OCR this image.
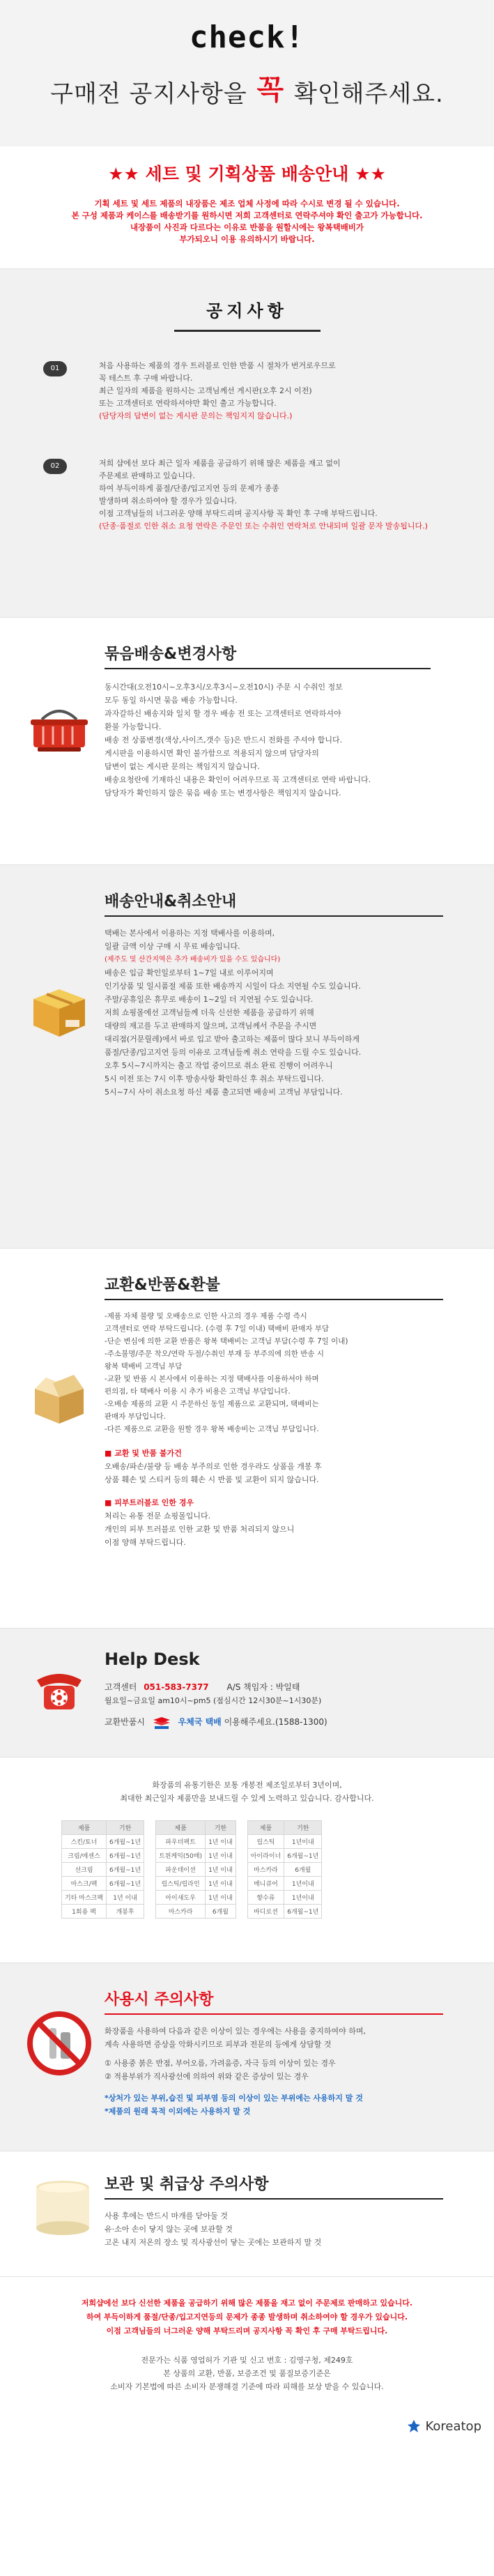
check!
구매전 공지사항을 꼭 확인해주세요.
★★ 세트 및 기획상품 배송안내 ★★
기획 세트 및 세트 제품의 내장품은 제조 업체 사정에 따라 수시로 변경 될 수 있습니다.
본 구성 제품과 케이스를 배송받기를 원하시면 저희 고객센터로 연락주셔야 확인 출고가 가능합니다.
내장품이 사진과 다르다는 이유로 반품을 원할시에는 왕복택배비가
부가되오니 이용 유의하시기 바랍니다.
공지사항
01	처음 사용하는 제품의 경우 트러블로 인한 반품 시 절차가 번거로우므로
꼭 테스트 후 구매 바랍니다.
최근 일자의 제품을 원하시는 고객님께선 게시판(오후 2시 이전)
또는 고객센터로 연락하셔야만 확인 출고 가능합니다.
(담당자의 답변이 없는 게시판 문의는 책임지지 않습니다.)
02	저희 샵에선 보다 최근 일자 제품을 공급하기 위해 많은 제품을 재고 없이
주문제로 판매하고 있습니다.
하여 부득이하게 품절/단종/입고지연 등의 문제가 종종
발생하며 취소하여야 할 경우가 있습니다.
이점 고객님들의 너그러운 양해 부탁드리며 공지사항 꼭 확인 후 구매 부탁드립니다.
(단종·품절로 인한 취소 요청 연락은 주문인 또는 수취인 연락처로 안내되며 일괄 문자 발송됩니다.)
묶음배송&변경사항
동시간대(오전10시~오후3시/오후3시~오전10시) 주문 시 수취인 정보
모두 동일 하시면 묶음 배송 가능합니다.
과자갈하신 배송지와 일치 할 경우 배송 전 또는 고객센터로 연락하셔야
환불 가능합니다.
배송 전 상품변경(색상,사이즈,갯수 등)은 반드시 전화를 주셔야 합니다.
게시판을 이용하시면 확인 불가함으로 적용되지 않으며 담당자의
답변이 없는 게시판 문의는 책임지지 않습니다.
배송요청란에 기재하신 내용은 확인이 어려우므로 꼭 고객센터로 연락 바랍니다.
담당자가 확인하지 않은 묶음 배송 또는 변경사항은 책임지지 않습니다.
배송안내&취소안내
택배는 본사에서 이용하는 지정 택배사를 이용하며,
일괄 금액 이상 구매 시 무료 배송입니다.
(제주도 및 산간지역은 추가 배송비가 있을 수도 있습니다)
배송은 입금 확인일로부터 1~7일 내로 이루어지며
인기상품 및 일시품절 제품 또한 배송까지 시일이 다소 지연될 수도 있습니다.
주말/공휴일은 휴무로 배송이 1~2일 더 지연될 수도 있습니다.
저희 쇼핑몰에선 고객님들께 더욱 신선한 제품을 공급하기 위해
대량의 재고를 두고 판매하지 않으며, 고객님께서 주문을 주시면
대리점(거문릴레)에서 바로 입고 받아 출고하는 제품이 많다 보니 부득이하게
품절/단종/입고지연 등의 이유로 고객님들께 취소 연락을 드릴 수도 있습니다.
오후 5시~7시까지는 출고 작업 중이므로 취소 완료 진행이 어려우니
5시 이전 또는 7시 이후 방송사항 확인하신 후 취소 부탁드립니다.
5시~7시 사이 취소요청 하신 제품 출고되면 배송비 고객님 부담입니다.
교환&반품&환불
-제품 자체 불량 및 오배송으로 인한 사고의 경우 제품 수령 즉시
고객센터로 연락 부탁드립니다. (수령 후 7일 이내) 택배비 판매자 부담
-단순 변심에 의한 교환 반품은 왕복 택배비는 고객님 부담(수령 후 7일 이내)
-주소불명/주문 착오/연락 두절/수취인 부재 등 부주의에 의한 반송 시
왕복 택배비 고객님 부담
-교환 및 반품 시 본사에서 이용하는 지정 택배사를 이용하셔야 하며
편의점, 타 택배사 이용 시 추가 비용은 고객님 부담입니다.
-오배송 제품의 교환 시 주문하신 동일 제품으로 교환되며, 택배비는
판매자 부담입니다.
-다른 제품으로 교환을 원할 경우 왕복 배송비는 고객님 부담입니다.
■ 교환 및 반품 불가건
오배송/파손/불량 등 배송 부주의로 인한 경우라도 상품을 개봉 후
상품 훼손 및 스티커 등의 훼손 시 반품 및 교환이 되지 않습니다.
■ 피부트러블로 인한 경우
처리는 유통 전문 쇼핑몰입니다.
개인의 피부 트러블로 인한 교환 및 반품 처리되지 않으니
이점 양해 부탁드립니다.
Help Desk
고객센터 051-583-7377 A/S 책임자 : 박일태
월요일~금요일 am10시~pm5 (점심시간 12시30분~1시30분)
교환반품시	우체국 택배 이용해주세요.(1588-1300)
화장품의 유통기한은 보통 개봉전 제조일로부터 3년이며,
최대한 최근일자 제품만을 보내드릴 수 있게 노력하고 있습니다. 감사합니다.
제품	기한
스킨/토너	6개월~1년
크림/에센스	6개월~1년
선크림	6개월~1년
마스크/팩	6개월~1년
기타 마스크팩	1년 이내
1회용 팩	개봉후
제품	기한
파우더팩트	1년 이내
트윈케익(50매)	1년 이내
파운데이션	1년 이내
립스틱/립라인	1년 이내
아이섀도우	1년 이내
마스카라	6개월
제품	기한
립스틱	1년이내
아이라이너	6개월~1년
마스카라	6개월
매니큐어	1년이내
향수류	1년이내
바디로션	6개월~1년
사용시 주의사항
화장품을 사용하여 다음과 같은 이상이 있는 경우에는 사용을 중지하여야 하며,
계속 사용하면 증상을 악화시키므로 피부과 전문의 등에게 상담할 것
① 사용중 붉은 반점, 부어오름, 가려움증, 자극 등의 이상이 있는 경우
② 적용부위가 직사광선에 의하여 위와 같은 증상이 있는 경우
*상처가 있는 부위,습진 및 피부염 등의 이상이 있는 부위에는 사용하지 말 것
*제품의 원래 목적 이외에는 사용하지 말 것
보관 및 취급상 주의사항
사용 후에는 반드시 마개를 닫아둘 것
유·소아 손이 닿지 않는 곳에 보관할 것
고온 내지 저온의 장소 및 직사광선이 닿는 곳에는 보관하지 말 것
저희샵에선 보다 신선한 제품을 공급하기 위해 많은 제품을 재고 없이 주문제로 판매하고 있습니다.
하여 부득이하게 품절/단종/입고지연등의 문제가 종종 발생하며 취소하여야 할 경우가 있습니다.
이점 고객님들의 너그러운 양해 부탁드리며 공지사항 꼭 확인 후 구매 부탁드립니다.
전문가는 식품 영업허가 기관 및 신고 번호 : 김영구청, 제249호
본 상품의 교환, 반품, 보증조건 및 품질보증기준은
소비자 기본법에 따른 소비자 분쟁해결 기준에 따라 피해를 보상 받을 수 있습니다.
Koreatop
